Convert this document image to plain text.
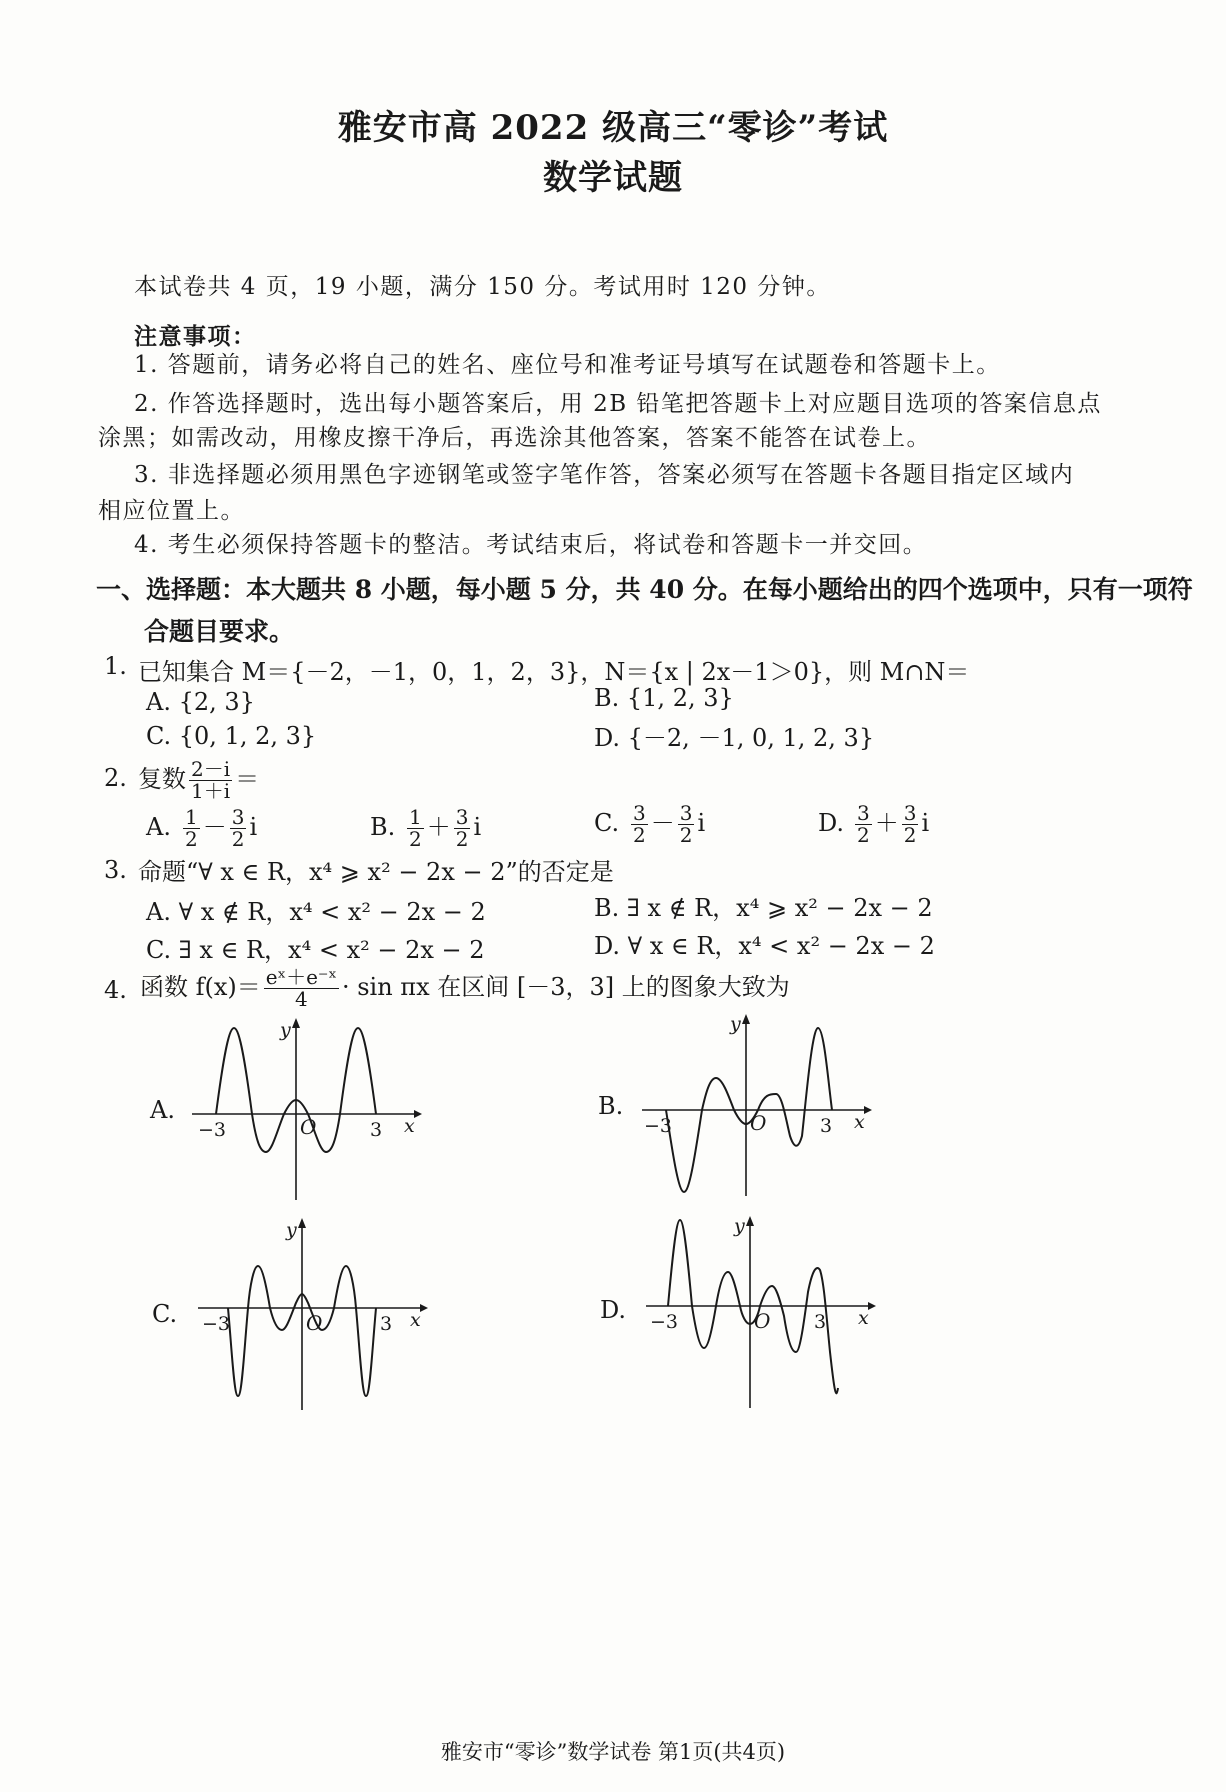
雅安市高 2022 级高三“零诊”考试
数学试题
本试卷共 4 页，19 小题，满分 150 分。考试用时 120 分钟。
注意事项：
1. 答题前，请务必将自己的姓名、座位号和准考证号填写在试题卷和答题卡上。
2. 作答选择题时，选出每小题答案后，用 2B 铅笔把答题卡上对应题目选项的答案信息点
涂黑；如需改动，用橡皮擦干净后，再选涂其他答案，答案不能答在试卷上。
3. 非选择题必须用黑色字迹钢笔或签字笔作答，答案必须写在答题卡各题目指定区域内
相应位置上。
4. 考生必须保持答题卡的整洁。考试结束后，将试卷和答题卡一并交回。
一、选择题：本大题共 8 小题，每小题 5 分，共 40 分。在每小题给出的四个选项中，只有一项符
合题目要求。
1. 已知集合 M＝{－2，－1，0，1，2，3}，N＝{x | 2x－1＞0}，则 M∩N＝
A. {2, 3}	B. {1, 2, 3}
C. {0, 1, 2, 3}	D. {－2, －1, 0, 1, 2, 3}
2. 复数 $\frac{2-i}{1+i}$ ＝
A. $\frac{1}{2} - \frac{3}{2}$ i	B. $\frac{1}{2} + \frac{3}{2}$ i	C. $\frac{3}{2} - \frac{3}{2}$ i	D. $\frac{3}{2} + \frac{3}{2}$ i
3. 命题“∀ x ∈ R，x⁴ ⩾ x² − 2x − 2”的否定是
A. ∀ x ∉ R，x⁴ < x² − 2x − 2	B. ∃ x ∉ R，x⁴ ⩾ x² − 2x − 2
C. ∃ x ∈ R，x⁴ < x² − 2x − 2	D. ∀ x ∈ R，x⁴ < x² − 2x − 2
4. 函数 $f(x)= \frac{\text{eˣ＋e⁻ˣ}}{4} \cdot \sin \pi x$ 在区间 [－3，3] 上的图象大致为
A.	B.
C.	D.
y
x
O
−3	3
y
x
O
−3	3
y
x
O
−3	3
y
x
O
−3	3
雅安市“零诊”数学试卷 第1页(共4页)
